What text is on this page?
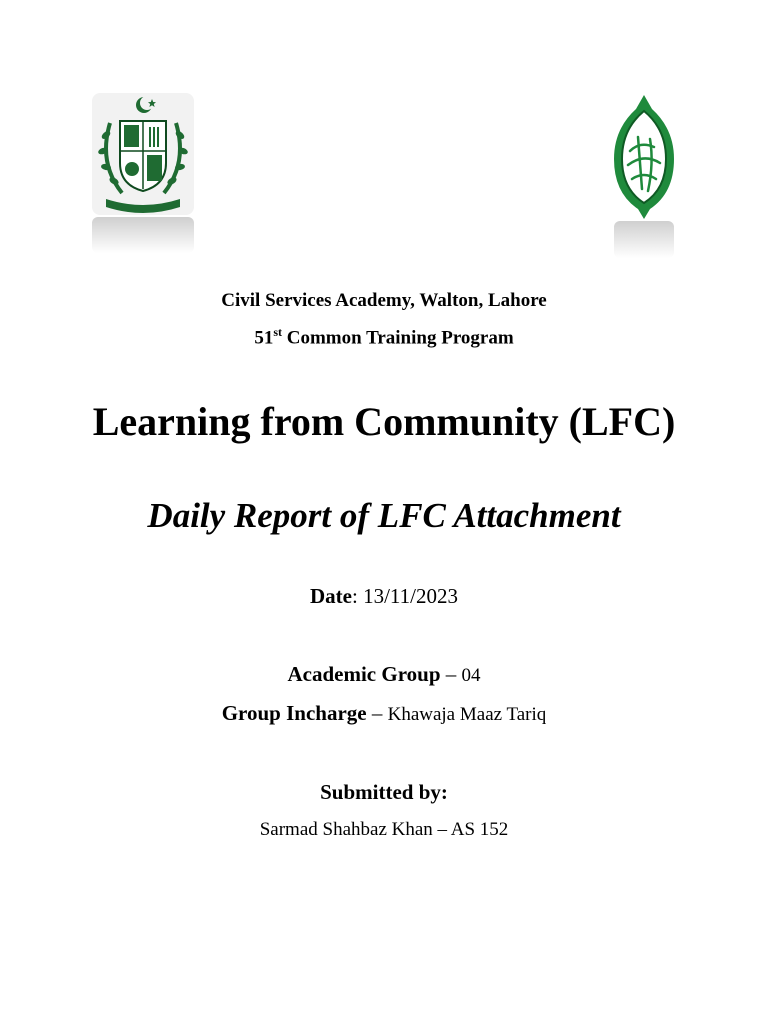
Civil Services Academy, Walton, Lahore
51st Common Training Program
Learning from Community (LFC)
Daily Report of LFC Attachment
Date: 13/11/2023
Academic Group – 04
Group Incharge – Khawaja Maaz Tariq
Submitted by:
Sarmad Shahbaz Khan – AS 152
